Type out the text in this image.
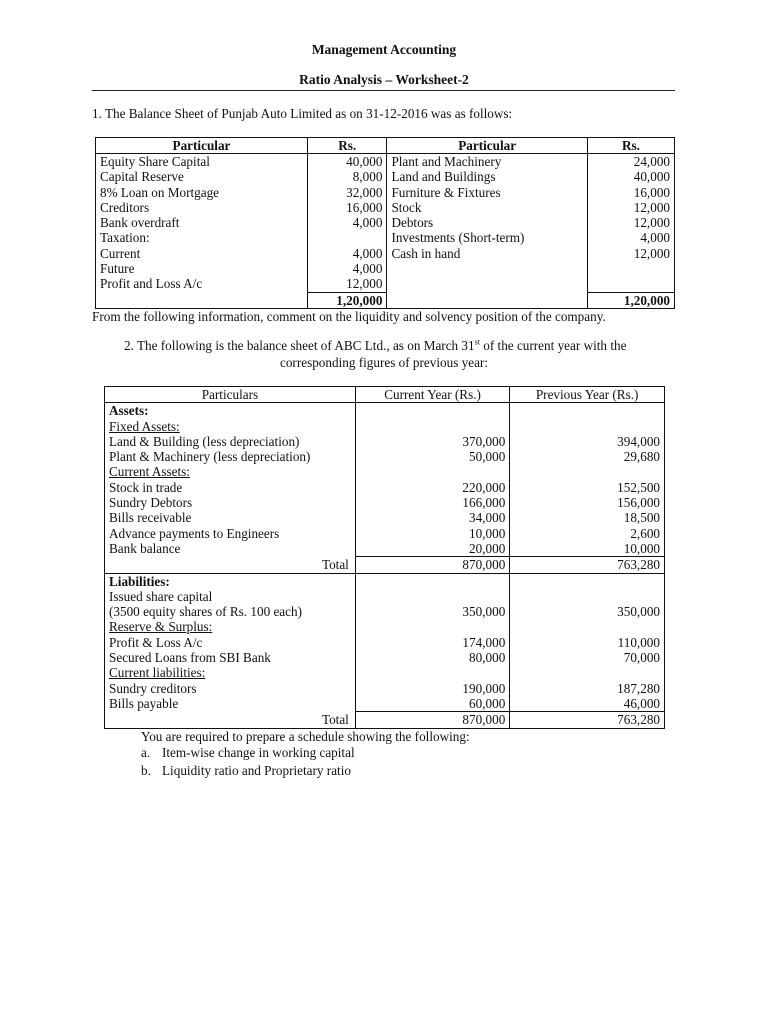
Management Accounting
Ratio Analysis – Worksheet-2
1. The Balance Sheet of Punjab Auto Limited as on 31-12-2016 was as follows:
Particular	Rs.	Particular	Rs.
Equity Share Capital	40,000	Plant and Machinery	24,000
Capital Reserve	8,000	Land and Buildings	40,000
8% Loan on Mortgage	32,000	Furniture & Fixtures	16,000
Creditors	16,000	Stock	12,000
Bank overdraft	4,000	Debtors	12,000
Taxation:		Investments (Short-term)	4,000
Current	4,000	Cash in hand	12,000
Future	4,000		
Profit and Loss A/c	12,000		
	1,20,000		1,20,000
From the following information, comment on the liquidity and solvency position of the company.
2. The following is the balance sheet of ABC Ltd., as on March 31st of the current year with the
corresponding figures of previous year:
Particulars	Current Year (Rs.)	Previous Year (Rs.)
Assets:		
Fixed Assets:		
Land & Building (less depreciation)	370,000	394,000
Plant & Machinery (less depreciation)	50,000	29,680
Current Assets:		
Stock in trade	220,000	152,500
Sundry Debtors	166,000	156,000
Bills receivable	34,000	18,500
Advance payments to Engineers	10,000	2,600
Bank balance	20,000	10,000
Total	870,000	763,280
Liabilities:		
Issued share capital		
(3500 equity shares of Rs. 100 each)	350,000	350,000
Reserve & Surplus:		
Profit & Loss A/c	174,000	110,000
Secured Loans from SBI Bank	80,000	70,000
Current liabilities:		
Sundry creditors	190,000	187,280
Bills payable	60,000	46,000
Total	870,000	763,280
You are required to prepare a schedule showing the following:
a. Item-wise change in working capital
b. Liquidity ratio and Proprietary ratio
